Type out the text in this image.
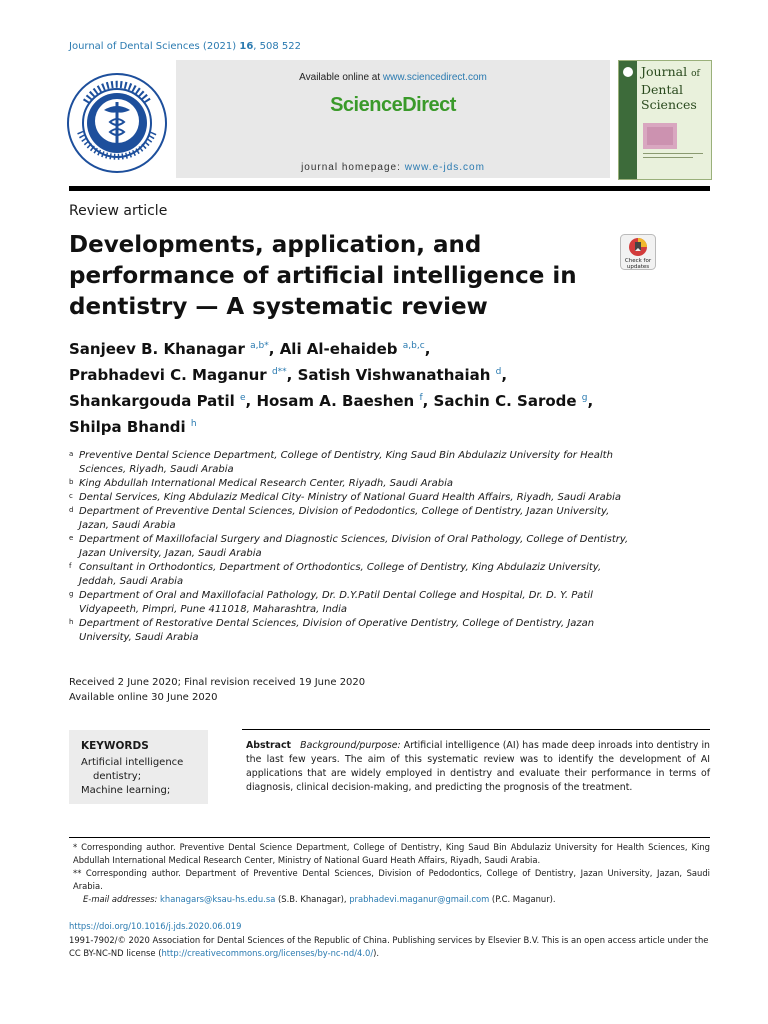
Journal of Dental Sciences (2021) 16, 508 522
Available online at www.sciencedirect.com
ScienceDirect
journal homepage: www.e-jds.com
Journal of
Dental
Sciences
Review article
Developments, application, and performance of artificial intelligence in dentistry — A systematic review
Check for
updates
Sanjeev B. Khanagar $^{a,b*}$, Ali Al-ehaideb $^{a,b,c}$,
Prabhadevi C. Maganur $^{d**}$, Satish Vishwanathaiah $^d$,
Shankargouda Patil $^e$, Hosam A. Baeshen $^f$, Sachin C. Sarode $^g$,
Shilpa Bhandi $^h$
a Preventive Dental Science Department, College of Dentistry, King Saud Bin Abdulaziz University for Health Sciences, Riyadh, Saudi Arabia
b King Abdullah International Medical Research Center, Riyadh, Saudi Arabia
c Dental Services, King Abdulaziz Medical City- Ministry of National Guard Health Affairs, Riyadh, Saudi Arabia
d Department of Preventive Dental Sciences, Division of Pedodontics, College of Dentistry, Jazan University, Jazan, Saudi Arabia
e Department of Maxillofacial Surgery and Diagnostic Sciences, Division of Oral Pathology, College of Dentistry, Jazan University, Jazan, Saudi Arabia
f Consultant in Orthodontics, Department of Orthodontics, College of Dentistry, King Abdulaziz University, Jeddah, Saudi Arabia
g Department of Oral and Maxillofacial Pathology, Dr. D.Y.Patil Dental College and Hospital, Dr. D. Y. Patil Vidyapeeth, Pimpri, Pune 411018, Maharashtra, India
h Department of Restorative Dental Sciences, Division of Operative Dentistry, College of Dentistry, Jazan University, Saudi Arabia
Received 2 June 2020; Final revision received 19 June 2020
Available online 30 June 2020
KEYWORDS
Artificial intelligence
dentistry;
Machine learning;
Abstract Background/purpose: Artificial intelligence (AI) has made deep inroads into dentistry in the last few years. The aim of this systematic review was to identify the development of AI applications that are widely employed in dentistry and evaluate their performance in terms of diagnosis, clinical decision-making, and predicting the prognosis of the treatment.
* Corresponding author. Preventive Dental Science Department, College of Dentistry, King Saud Bin Abdulaziz University for Health Sciences, King Abdullah International Medical Research Center, Ministry of National Guard Heath Affairs, Riyadh, Saudi Arabia.
** Corresponding author. Department of Preventive Dental Sciences, Division of Pedodontics, College of Dentistry, Jazan University, Jazan, Saudi Arabia.
E-mail addresses: khanagars@ksau-hs.edu.sa (S.B. Khanagar), prabhadevi.maganur@gmail.com (P.C. Maganur).
https://doi.org/10.1016/j.jds.2020.06.019
1991-7902/© 2020 Association for Dental Sciences of the Republic of China. Publishing services by Elsevier B.V. This is an open access article under the CC BY-NC-ND license (http://creativecommons.org/licenses/by-nc-nd/4.0/).
